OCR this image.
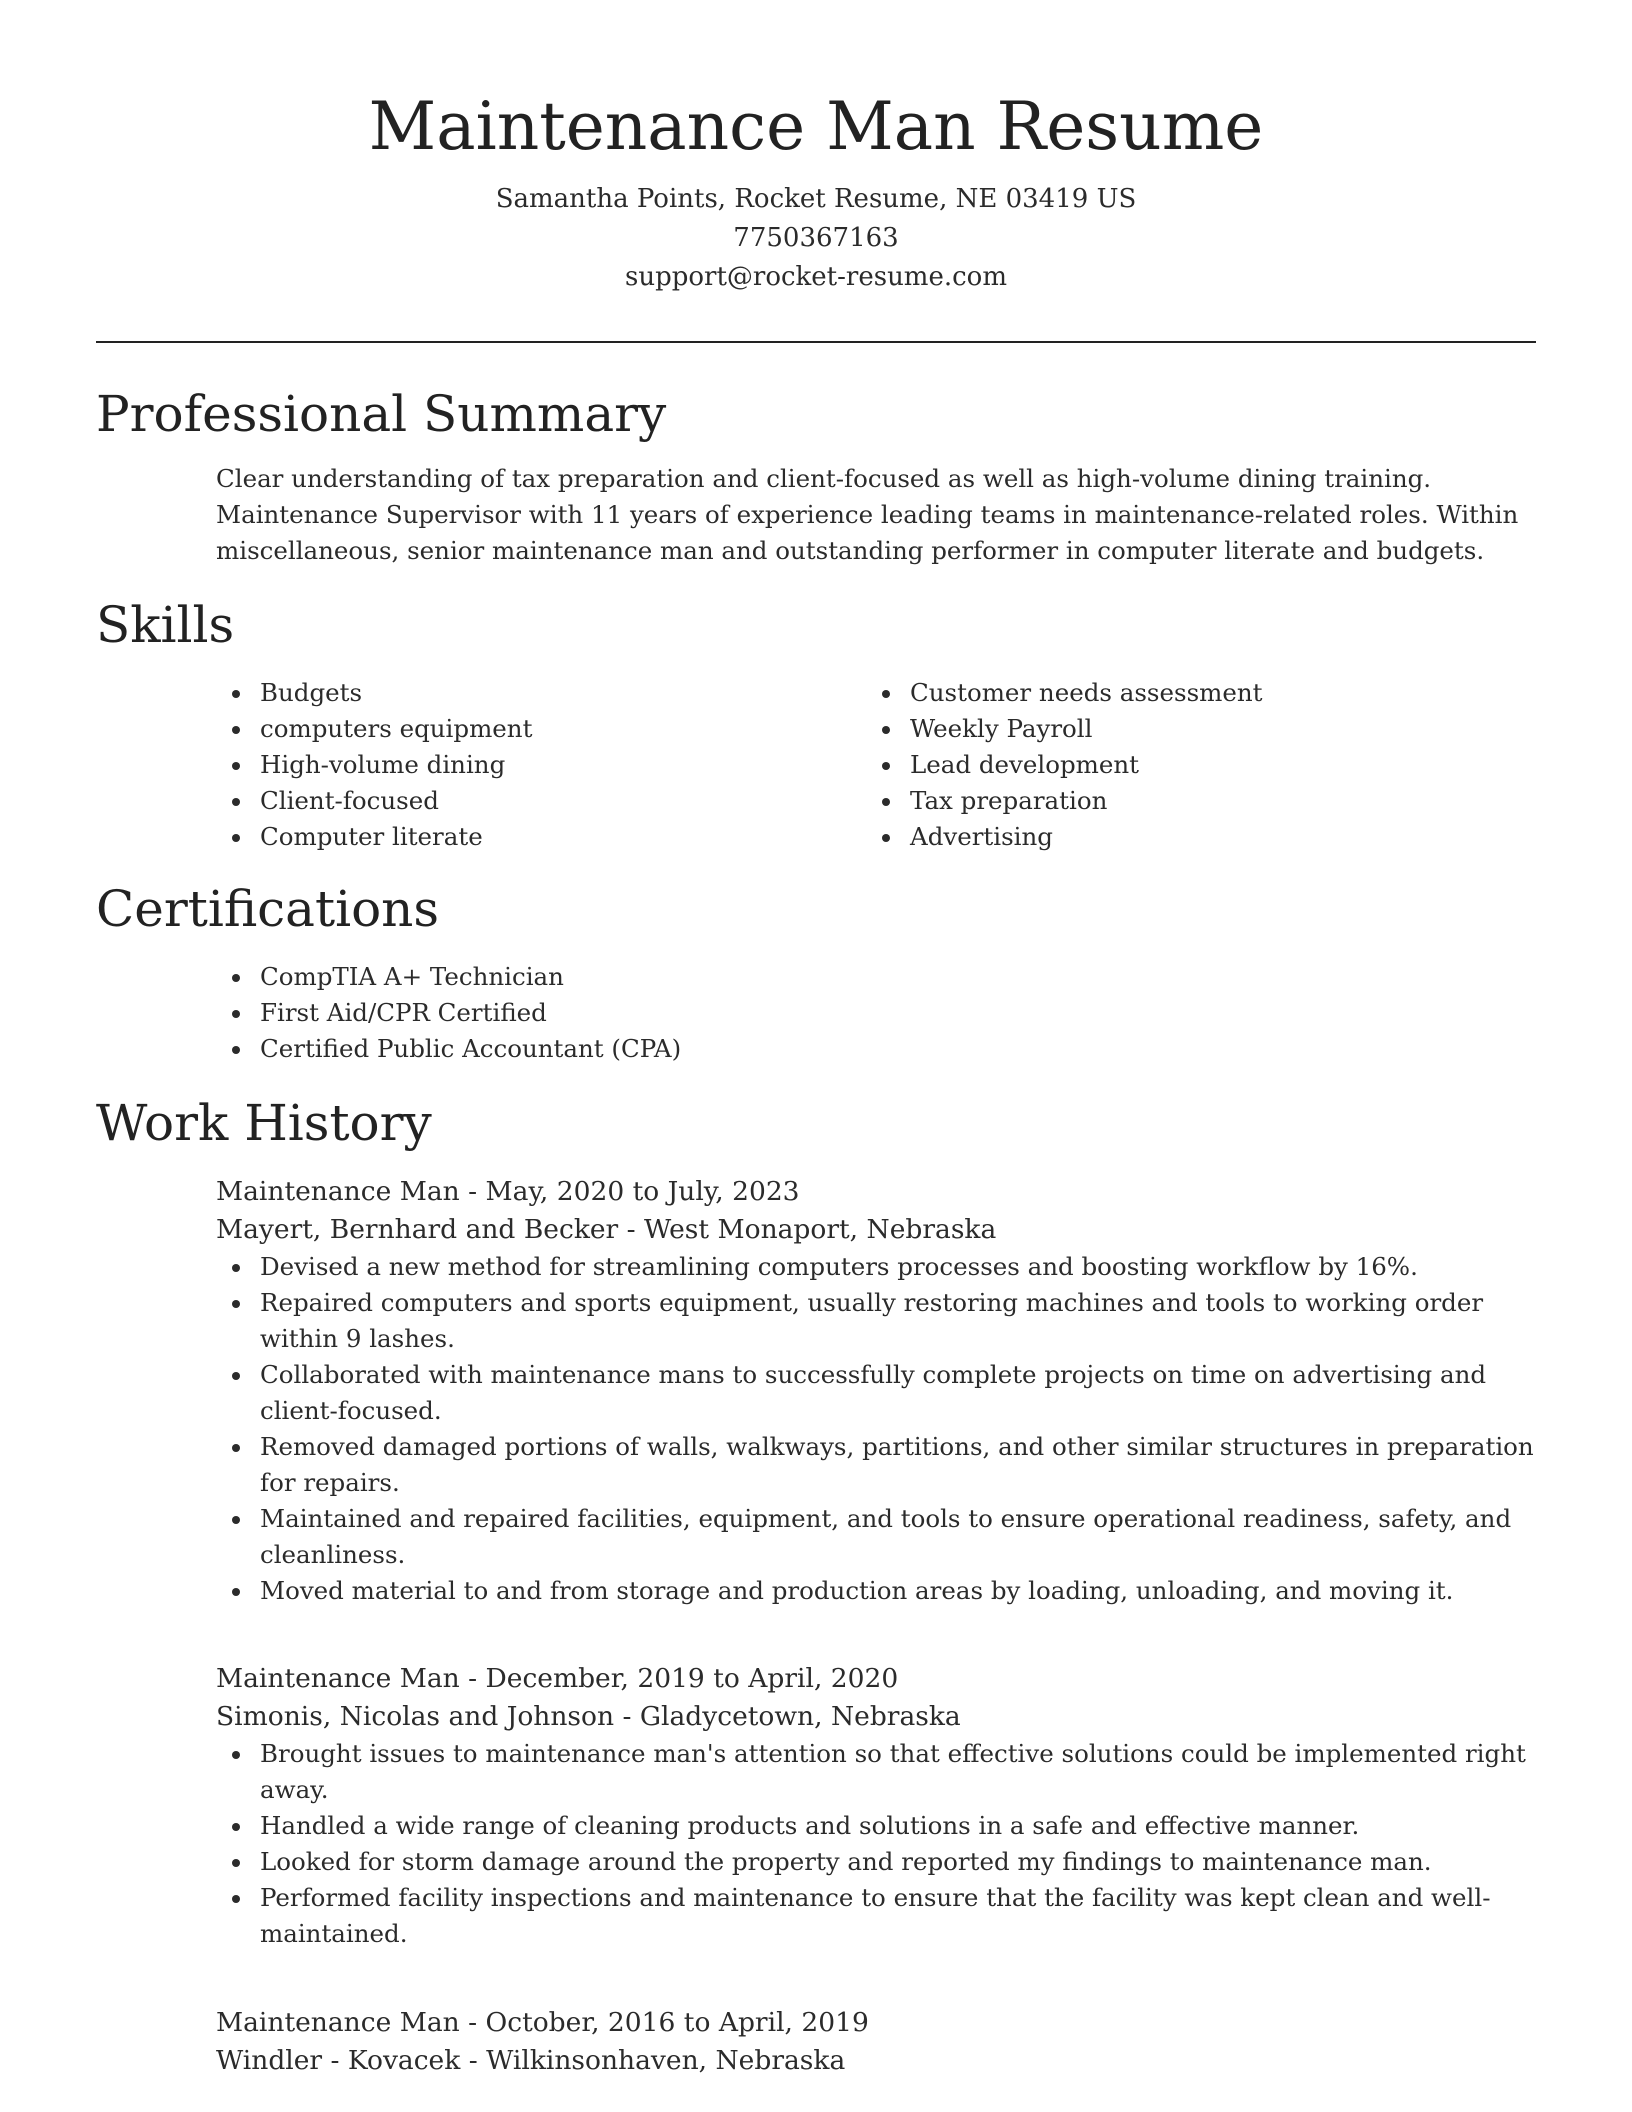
Maintenance Man Resume
Samantha Points, Rocket Resume, NE 03419 US
7750367163
support@rocket-resume.com
Professional Summary

Clear understanding of tax preparation and client-focused as well as high-volume dining training. Maintenance Supervisor with 11 years of experience leading teams in maintenance-related roles. Within miscellaneous, senior maintenance man and outstanding performer in computer literate and budgets.

Skills
Budgets
computers equipment
High-volume dining
Client-focused
Computer literate
Customer needs assessment
Weekly Payroll
Lead development
Tax preparation
Advertising
Certifications
CompTIA A+ Technician
First Aid/CPR Certified
Certified Public Accountant (CPA)
Work History
Maintenance Man - May, 2020 to July, 2023
Mayert, Bernhard and Becker - West Monaport, Nebraska
Devised a new method for streamlining computers processes and boosting workflow by 16%.
Repaired computers and sports equipment, usually restoring machines and tools to working order within 9 lashes.
Collaborated with maintenance mans to successfully complete projects on time on advertising and client-focused.
Removed damaged portions of walls, walkways, partitions, and other similar structures in preparation for repairs.
Maintained and repaired facilities, equipment, and tools to ensure operational readiness, safety, and cleanliness.
Moved material to and from storage and production areas by loading, unloading, and moving it.
Maintenance Man - December, 2019 to April, 2020
Simonis, Nicolas and Johnson - Gladycetown, Nebraska
Brought issues to maintenance man's attention so that effective solutions could be implemented right away.
Handled a wide range of cleaning products and solutions in a safe and effective manner.
Looked for storm damage around the property and reported my findings to maintenance man.
Performed facility inspections and maintenance to ensure that the facility was kept clean and well-maintained.
Maintenance Man - October, 2016 to April, 2019
Windler - Kovacek - Wilkinsonhaven, Nebraska
